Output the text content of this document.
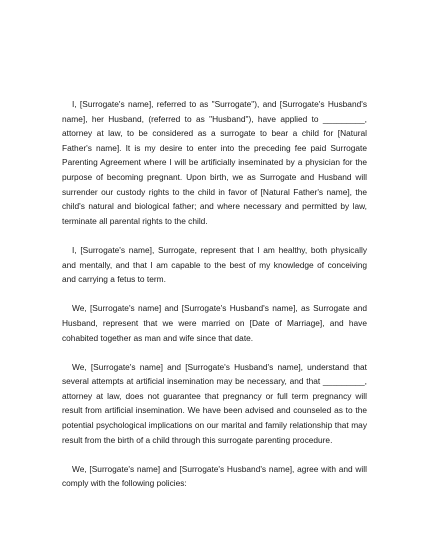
I, [Surrogate's name], referred to as "Surrogate"), and [Surrogate's Husband's name], her Husband, (referred to as "Husband"), have applied to _________, attorney at law, to be considered as a surrogate to bear a child for [Natural Father's name]. It is my desire to enter into the preceding fee paid Surrogate Parenting Agreement where I will be artificially inseminated by a physician for the purpose of becoming pregnant. Upon birth, we as Surrogate and Husband will surrender our custody rights to the child in favor of [Natural Father's name], the child's natural and biological father; and where necessary and permitted by law, terminate all parental rights to the child.

I, [Surrogate's name], Surrogate, represent that I am healthy, both physically and mentally, and that I am capable to the best of my knowledge of conceiving and carrying a fetus to term.

We, [Surrogate's name] and [Surrogate's Husband's name], as Surrogate and Husband, represent that we were married on [Date of Marriage], and have cohabited together as man and wife since that date.

We, [Surrogate's name] and [Surrogate's Husband's name], understand that several attempts at artificial insemination may be necessary, and that _________, attorney at law, does not guarantee that pregnancy or full term pregnancy will result from artificial insemination. We have been advised and counseled as to the potential psychological implications on our marital and family relationship that may result from the birth of a child through this surrogate parenting procedure.

We, [Surrogate's name] and [Surrogate's Husband's name], agree with and will comply with the following policies:
